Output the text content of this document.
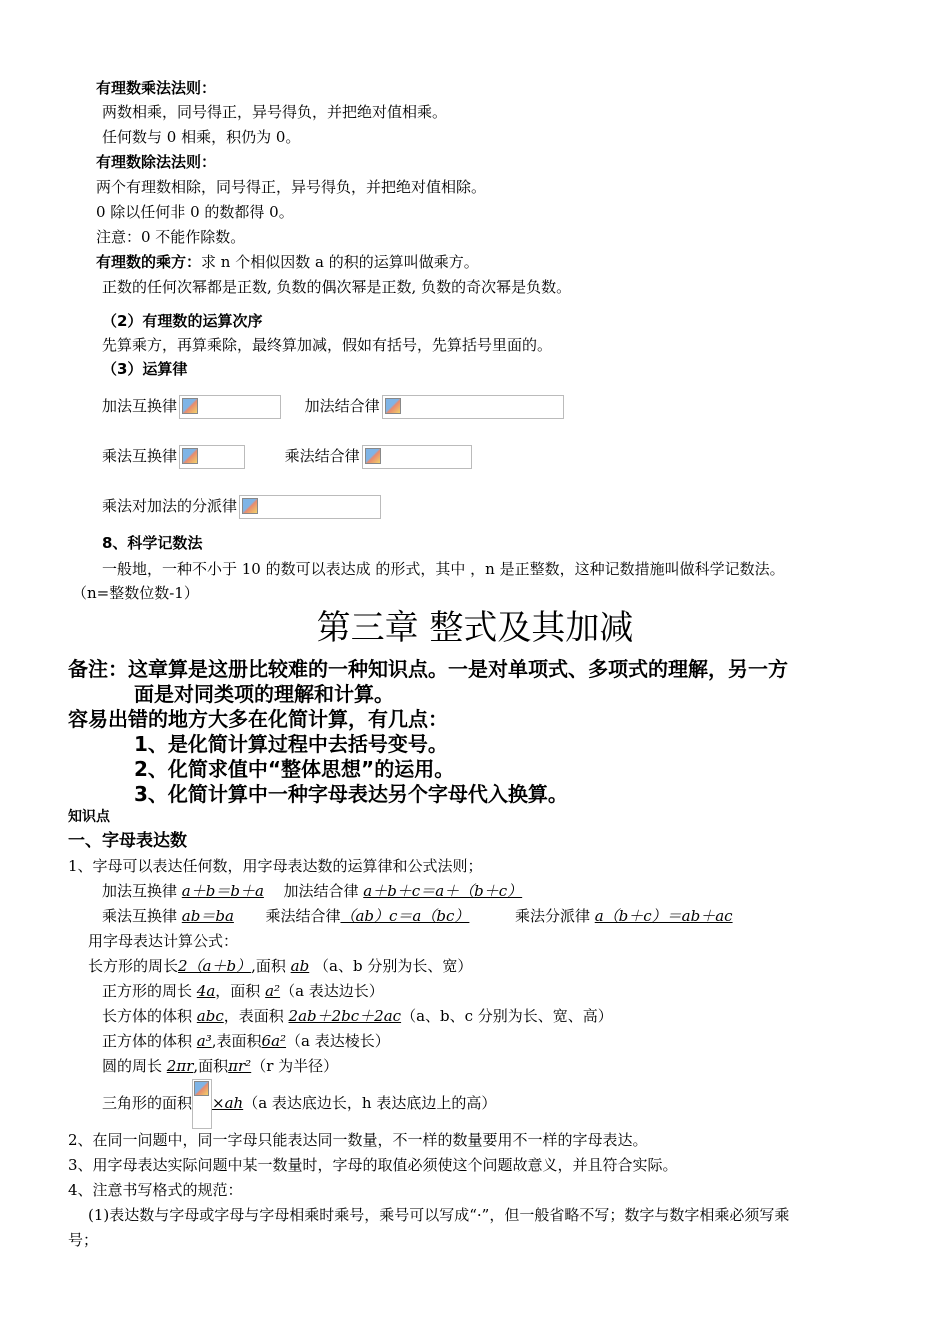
有理数乘法法则：
两数相乘，同号得正，异号得负，并把绝对值相乘。
任何数与 0 相乘，积仍为 0。
有理数除法法则：
两个有理数相除，同号得正，异号得负，并把绝对值相除。
0 除以任何非 0 的数都得 0。
注意：0 不能作除数。
有理数的乘方：求 n 个相似因数 a 的积的运算叫做乘方。
正数的任何次幂都是正数, 负数的偶次幂是正数, 负数的奇次幂是负数。
（2）有理数的运算次序
先算乘方，再算乘除，最终算加减，假如有括号，先算括号里面的。
（3）运算律
加法互换律	加法结合律
乘法互换律	乘法结合律
乘法对加法的分派律
8、科学记数法
一般地，一种不小于 10 的数可以表达成 的形式，其中 ，n 是正整数，这种记数措施叫做科学记数法。
（n=整数位数-1）
第三章 整式及其加减
备注：这章算是这册比较难的一种知识点。一是对单项式、多项式的理解，另一方
面是对同类项的理解和计算。
容易出错的地方大多在化简计算，有几点：
1、是化简计算过程中去括号变号。
2、化简求值中“整体思想”的运用。
3、化简计算中一种字母表达另个字母代入换算。
知识点
一、字母表达数
1、字母可以表达任何数，用字母表达数的运算律和公式法则；
加法互换律 a＋b＝b＋a 加法结合律 a＋b＋c＝a＋（b＋c）
乘法互换律 ab＝ba 乘法结合律（ab）c＝a（bc）	乘法分派律 a（b＋c）＝ab＋ac
用字母表达计算公式：
长方形的周长2（a＋b）,面积 ab （a、b 分别为长、宽）
正方形的周长 4a，面积 a²（a 表达边长）
长方体的体积 abc，表面积 2ab＋2bc＋2ac（a、b、c 分别为长、宽、高）
正方体的体积 a³,表面积6a²（a 表达棱长）
圆的周长 2πr,面积πr²（r 为半径）
三角形的面积 ×ah（a 表达底边长，h 表达底边上的高）
2、在同一问题中，同一字母只能表达同一数量，不一样的数量要用不一样的字母表达。
3、用字母表达实际问题中某一数量时，字母的取值必须使这个问题故意义，并且符合实际。
4、注意书写格式的规范：
(1)表达数与字母或字母与字母相乘时乘号，乘号可以写成“·”，但一般省略不写；数字与数字相乘必须写乘
号；
